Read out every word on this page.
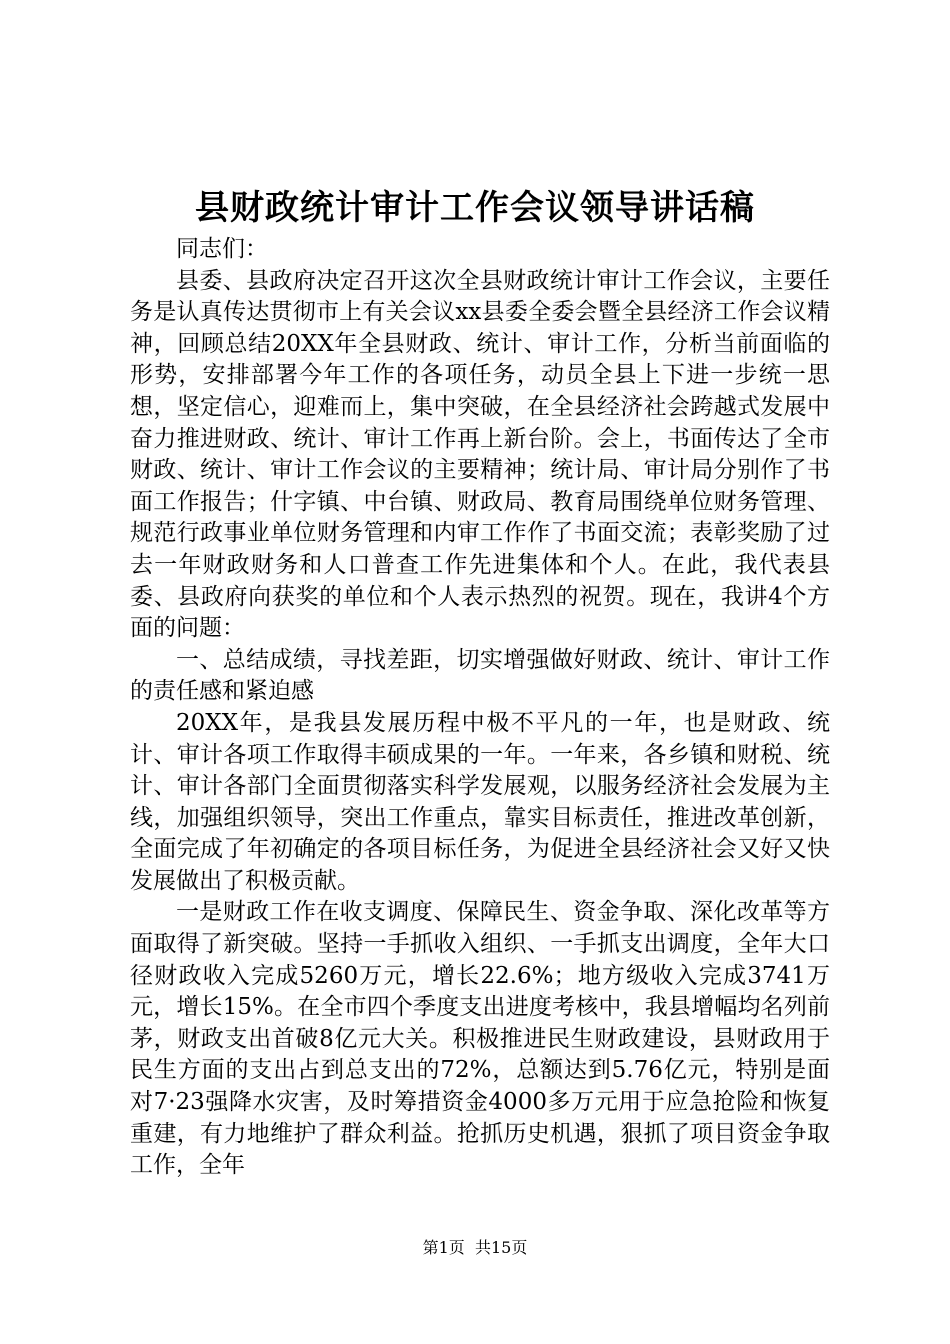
县财政统计审计工作会议领导讲话稿

同志们：

县委、县政府决定召开这次全县财政统计审计工作会议，主要任务是认真传达贯彻市上有关会议xx县委全委会暨全县经济工作会议精神，回顾总结20XX年全县财政、统计、审计工作，分析当前面临的形势，安排部署今年工作的各项任务，动员全县上下进一步统一思想，坚定信心，迎难而上，集中突破，在全县经济社会跨越式发展中奋力推进财政、统计、审计工作再上新台阶。会上，书面传达了全市财政、统计、审计工作会议的主要精神；统计局、审计局分别作了书面工作报告；什字镇、中台镇、财政局、教育局围绕单位财务管理、规范行政事业单位财务管理和内审工作作了书面交流；表彰奖励了过去一年财政财务和人口普查工作先进集体和个人。在此，我代表县委、县政府向获奖的单位和个人表示热烈的祝贺。现在，我讲4个方面的问题：

一、总结成绩，寻找差距，切实增强做好财政、统计、审计工作的责任感和紧迫感

20XX年，是我县发展历程中极不平凡的一年，也是财政、统计、审计各项工作取得丰硕成果的一年。一年来，各乡镇和财税、统计、审计各部门全面贯彻落实科学发展观，以服务经济社会发展为主线，加强组织领导，突出工作重点，靠实目标责任，推进改革创新，全面完成了年初确定的各项目标任务，为促进全县经济社会又好又快发展做出了积极贡献。

一是财政工作在收支调度、保障民生、资金争取、深化改革等方面取得了新突破。坚持一手抓收入组织、一手抓支出调度，全年大口径财政收入完成5260万元，增长22.6%；地方级收入完成3741万元，增长15%。在全市四个季度支出进度考核中，我县增幅均名列前茅，财政支出首破8亿元大关。积极推进民生财政建设，县财政用于民生方面的支出占到总支出的72%，总额达到5.76亿元，特别是面对7·23强降水灾害，及时筹措资金4000多万元用于应急抢险和恢复重建，有力地维护了群众利益。抢抓历史机遇，狠抓了项目资金争取工作，全年

第1页 共15页
